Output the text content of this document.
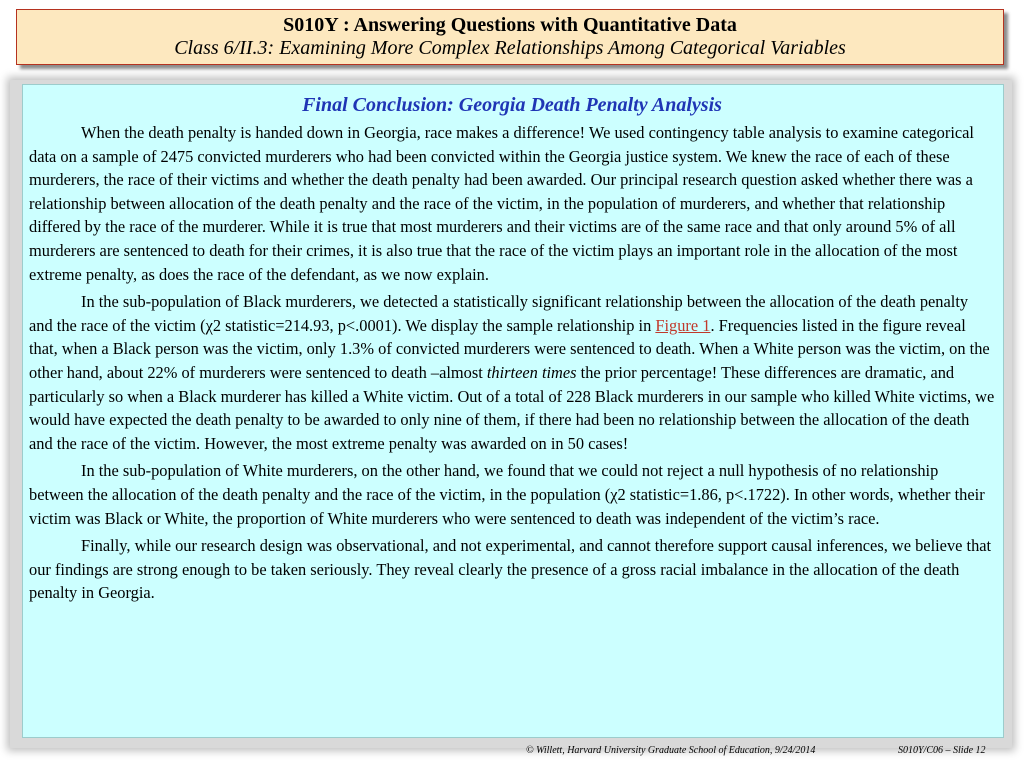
S010Y : Answering Questions with Quantitative Data
Class 6/II.3: Examining More Complex Relationships Among Categorical Variables
Final Conclusion: Georgia Death Penalty Analysis

When the death penalty is handed down in Georgia, race makes a difference! We used contingency table analysis to examine categorical data on a sample of 2475 convicted murderers who had been convicted within the Georgia justice system. We knew the race of each of these murderers, the race of their victims and whether the death penalty had been awarded. Our principal research question asked whether there was a relationship between allocation of the death penalty and the race of the victim, in the population of murderers, and whether that relationship differed by the race of the murderer. While it is true that most murderers and their victims are of the same race and that only around 5% of all murderers are sentenced to death for their crimes, it is also true that the race of the victim plays an important role in the allocation of the most extreme penalty, as does the race of the defendant, as we now explain.

In the sub-population of Black murderers, we detected a statistically significant relationship between the allocation of the death penalty and the race of the victim (χ2 statistic=214.93, p<.0001). We display the sample relationship in Figure 1. Frequencies listed in the figure reveal that, when a Black person was the victim, only 1.3% of convicted murderers were sentenced to death. When a White person was the victim, on the other hand, about 22% of murderers were sentenced to death –almost thirteen times the prior percentage! These differences are dramatic, and particularly so when a Black murderer has killed a White victim. Out of a total of 228 Black murderers in our sample who killed White victims, we would have expected the death penalty to be awarded to only nine of them, if there had been no relationship between the allocation of the death and the race of the victim. However, the most extreme penalty was awarded on in 50 cases!

In the sub-population of White murderers, on the other hand, we found that we could not reject a null hypothesis of no relationship between the allocation of the death penalty and the race of the victim, in the population (χ2 statistic=1.86, p<.1722). In other words, whether their victim was Black or White, the proportion of White murderers who were sentenced to death was independent of the victim’s race.

Finally, while our research design was observational, and not experimental, and cannot therefore support causal inferences, we believe that our findings are strong enough to be taken seriously. They reveal clearly the presence of a gross racial imbalance in the allocation of the death penalty in Georgia.

© Willett, Harvard University Graduate School of Education, 9/24/2014	S010Y/C06 – Slide 12
